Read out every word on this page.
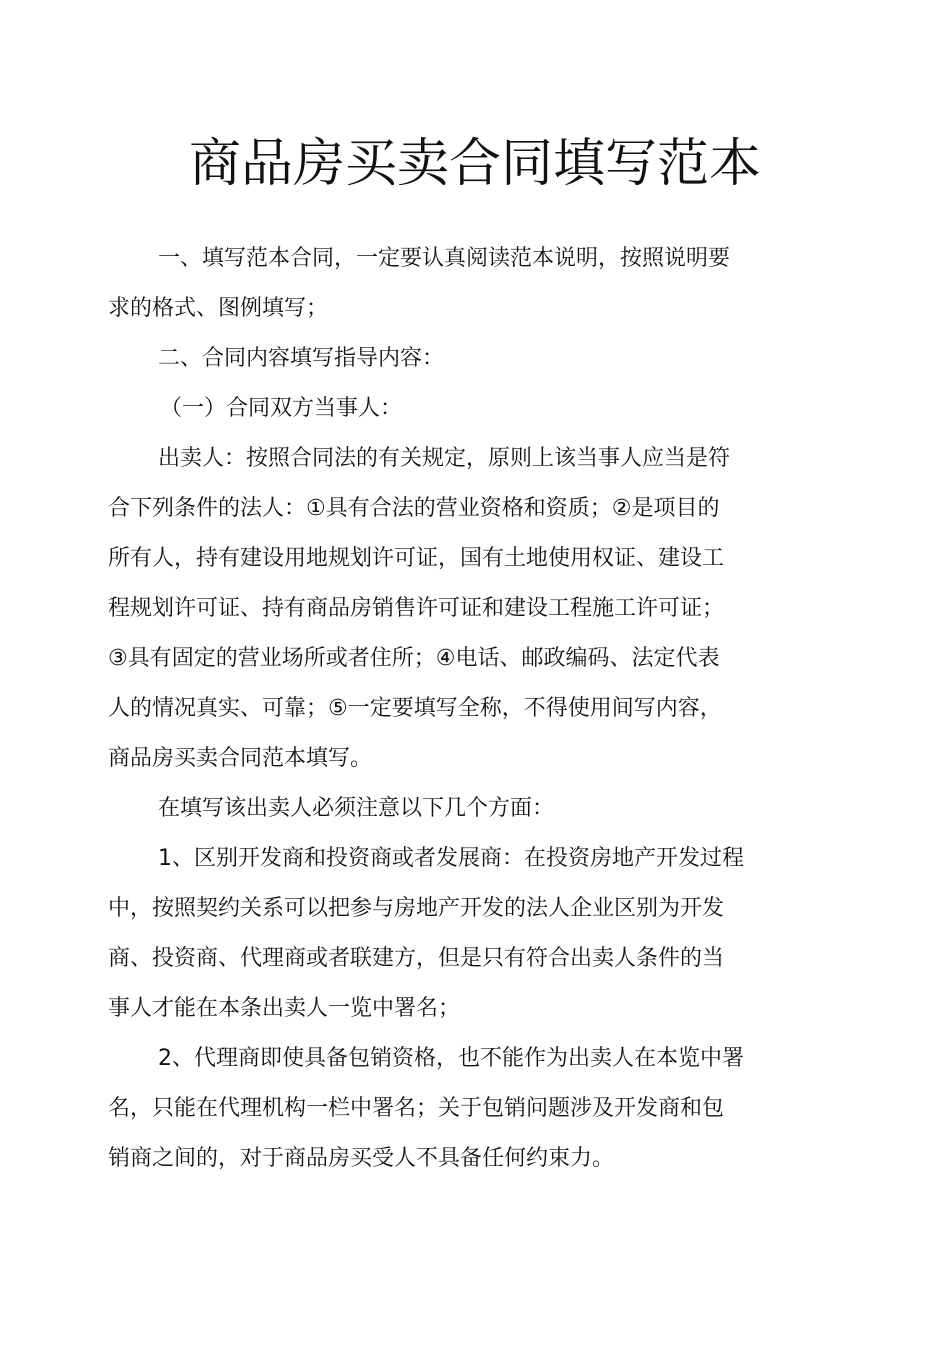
商品房买卖合同填写范本

一、填写范本合同，一定要认真阅读范本说明，按照说明要

求的格式、图例填写；

二、合同内容填写指导内容：

（一）合同双方当事人：

出卖人：按照合同法的有关规定，原则上该当事人应当是符

合下列条件的法人：①具有合法的营业资格和资质；②是项目的

所有人，持有建设用地规划许可证，国有土地使用权证、建设工

程规划许可证、持有商品房销售许可证和建设工程施工许可证；

③具有固定的营业场所或者住所；④电话、邮政编码、法定代表

人的情况真实、可靠；⑤一定要填写全称，不得使用间写内容，

商品房买卖合同范本填写。

在填写该出卖人必须注意以下几个方面：

1、区别开发商和投资商或者发展商：在投资房地产开发过程

中，按照契约关系可以把参与房地产开发的法人企业区别为开发

商、投资商、代理商或者联建方，但是只有符合出卖人条件的当

事人才能在本条出卖人一览中署名；

2、代理商即使具备包销资格，也不能作为出卖人在本览中署

名，只能在代理机构一栏中署名；关于包销问题涉及开发商和包

销商之间的，对于商品房买受人不具备任何约束力。
